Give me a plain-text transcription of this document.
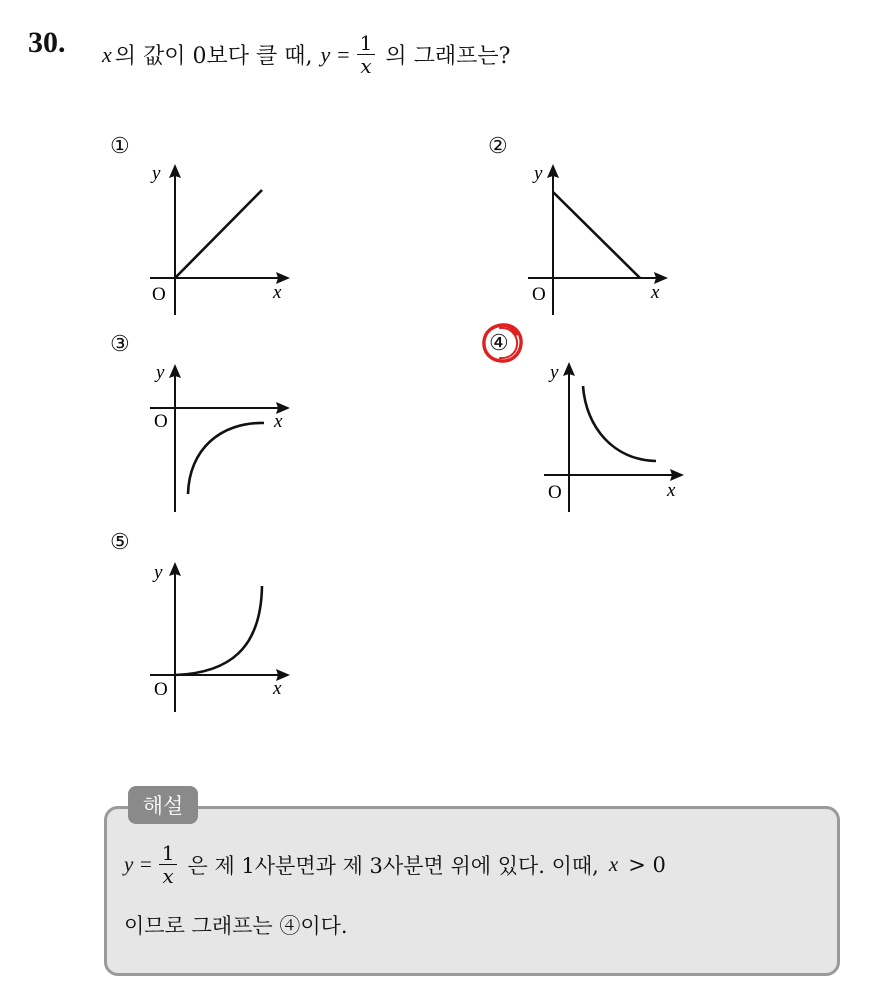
30. x 의 값이 0보다 클 때, $y = \frac{1}{x}$ 의 그래프는?
①
y
O	x
②
y
O	x
③
y
O	x
④
y
O	x
⑤
y
O	x
해설
$y = \frac{1}{x}$ 은 제 1사분면과 제 3사분면 위에 있다. 이때, x > 0
이므로 그래프는 ④이다.
